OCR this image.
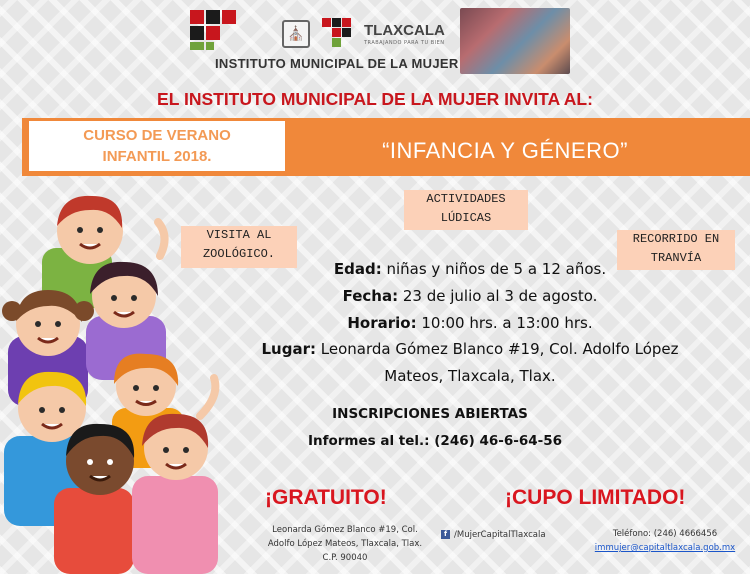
INSTITUTO MUNICIPAL DE LA MUJER
⛪	TLAXCALA
TRABAJANDO PARA TU BIEN
EL INSTITUTO MUNICIPAL DE LA MUJER INVITA AL:
CURSO DE VERANO
INFANTIL 2018.	“INFANCIA Y GÉNERO”
ACTIVIDADES
LÚDICAS
VISITA AL
ZOOLÓGICO.
RECORRIDO EN
TRANVÍA
Edad: niñas y niños de 5 a 12 años.
Fecha: 23 de julio al 3 de agosto.
Horario: 10:00 hrs. a 13:00 hrs.
Lugar: Leonarda Gómez Blanco #19, Col. Adolfo López
Mateos, Tlaxcala, Tlax.
INSCRIPCIONES ABIERTAS
Informes al tel.: (246) 46-6-64-56
¡GRATUITO!	¡CUPO LIMITADO!
Leonarda Gómez Blanco #19, Col.
Adolfo López Mateos, Tlaxcala, Tlax.
C.P. 90040
f /MujerCapitalTlaxcala	Teléfono: (246) 4666456
immujer@capitaltlaxcala.gob.mx
